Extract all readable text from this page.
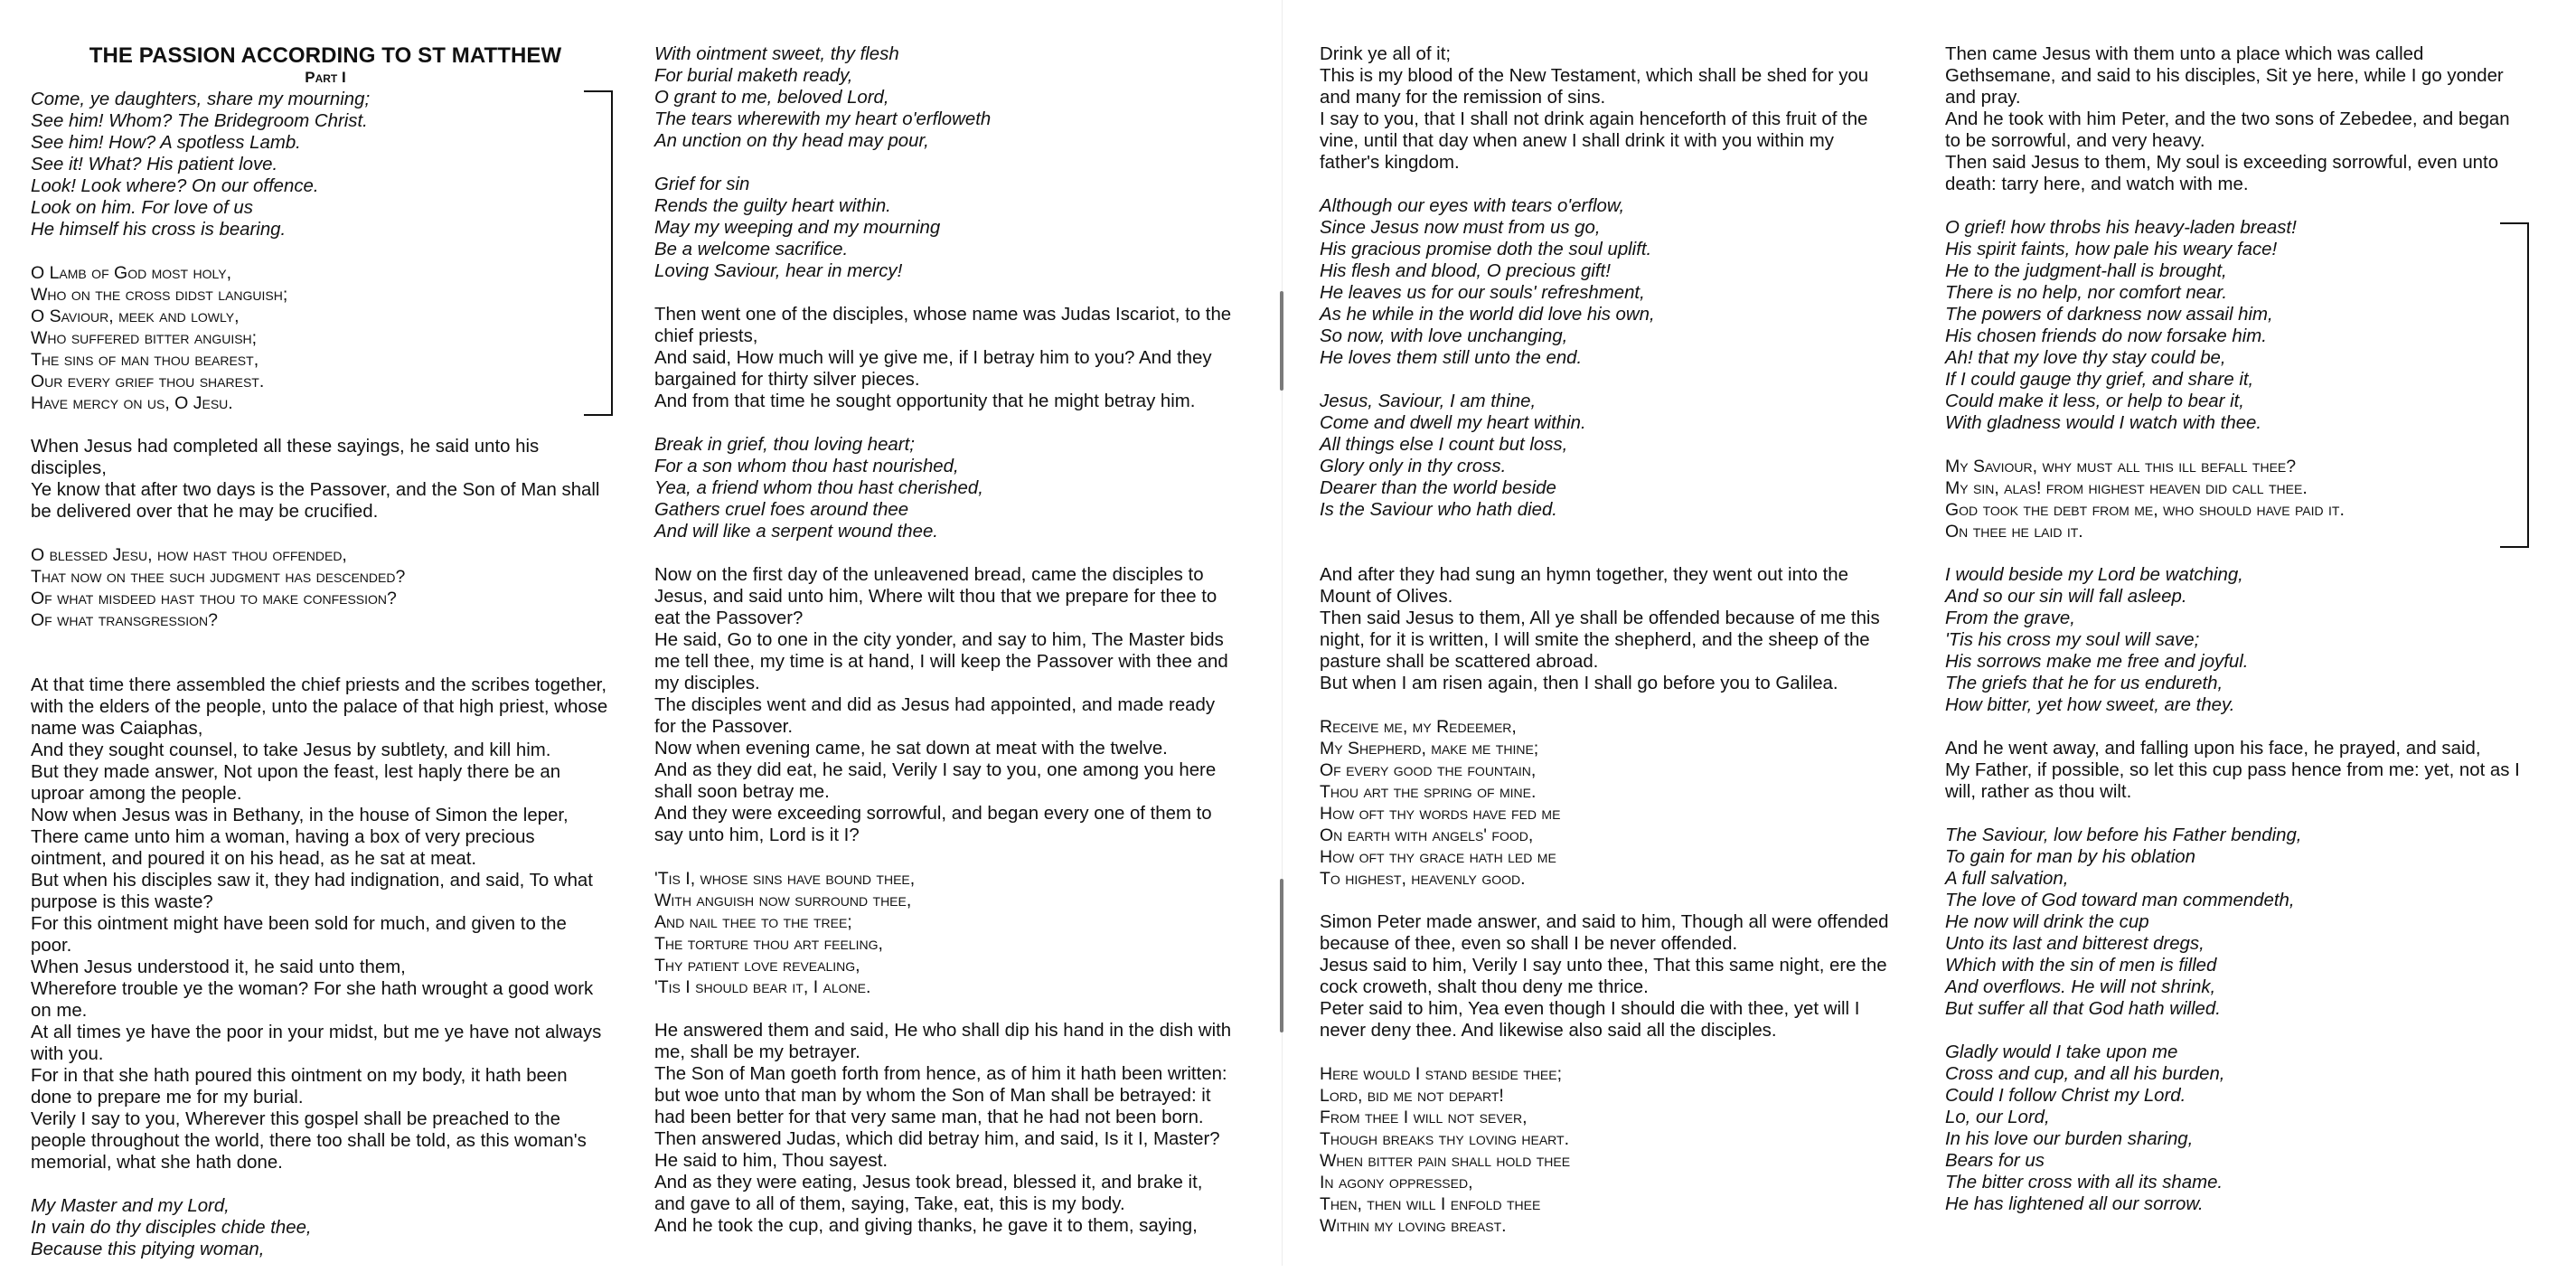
THE PASSION ACCORDING TO ST MATTHEW
Part I
Come, ye daughters, share my mourning;
See him! Whom? The Bridegroom Christ.
See him! How? A spotless Lamb.
See it! What? His patient love.
Look! Look where? On our offence.
Look on him. For love of us
He himself his cross is bearing.
O Lamb of God most holy,
Who on the cross didst languish;
O Saviour, meek and lowly,
Who suffered bitter anguish;
The sins of man thou bearest,
Our every grief thou sharest.
Have mercy on us, O Jesu.
When Jesus had completed all these sayings, he said unto his
disciples,
Ye know that after two days is the Passover, and the Son of Man shall
be delivered over that he may be crucified.
O blessed Jesu, how hast thou offended,
That now on thee such judgment has descended?
Of what misdeed hast thou to make confession?
Of what transgression?
At that time there assembled the chief priests and the scribes together,
with the elders of the people, unto the palace of that high priest, whose
name was Caiaphas,
And they sought counsel, to take Jesus by subtlety, and kill him.
But they made answer, Not upon the feast, lest haply there be an
uproar among the people.
Now when Jesus was in Bethany, in the house of Simon the leper,
There came unto him a woman, having a box of very precious
ointment, and poured it on his head, as he sat at meat.
But when his disciples saw it, they had indignation, and said, To what
purpose is this waste?
For this ointment might have been sold for much, and given to the
poor.
When Jesus understood it, he said unto them,
Wherefore trouble ye the woman? For she hath wrought a good work
on me.
At all times ye have the poor in your midst, but me ye have not always
with you.
For in that she hath poured this ointment on my body, it hath been
done to prepare me for my burial.
Verily I say to you, Wherever this gospel shall be preached to the
people throughout the world, there too shall be told, as this woman's
memorial, what she hath done.
My Master and my Lord,
In vain do thy disciples chide thee,
Because this pitying woman,
With ointment sweet, thy flesh
For burial maketh ready,
O grant to me, beloved Lord,
The tears wherewith my heart o'erfloweth
An unction on thy head may pour,
Grief for sin
Rends the guilty heart within.
May my weeping and my mourning
Be a welcome sacrifice.
Loving Saviour, hear in mercy!
Then went one of the disciples, whose name was Judas Iscariot, to the
chief priests,
And said, How much will ye give me, if I betray him to you? And they
bargained for thirty silver pieces.
And from that time he sought opportunity that he might betray him.
Break in grief, thou loving heart;
For a son whom thou hast nourished,
Yea, a friend whom thou hast cherished,
Gathers cruel foes around thee
And will like a serpent wound thee.
Now on the first day of the unleavened bread, came the disciples to
Jesus, and said unto him, Where wilt thou that we prepare for thee to
eat the Passover?
He said, Go to one in the city yonder, and say to him, The Master bids
me tell thee, my time is at hand, I will keep the Passover with thee and
my disciples.
The disciples went and did as Jesus had appointed, and made ready
for the Passover.
Now when evening came, he sat down at meat with the twelve.
And as they did eat, he said, Verily I say to you, one among you here
shall soon betray me.
And they were exceeding sorrowful, and began every one of them to
say unto him, Lord is it I?
'Tis I, whose sins have bound thee,
With anguish now surround thee,
And nail thee to the tree;
The torture thou art feeling,
Thy patient love revealing,
'Tis I should bear it, I alone.
He answered them and said, He who shall dip his hand in the dish with
me, shall be my betrayer.
The Son of Man goeth forth from hence, as of him it hath been written:
but woe unto that man by whom the Son of Man shall be betrayed: it
had been better for that very same man, that he had not been born.
Then answered Judas, which did betray him, and said, Is it I, Master?
He said to him, Thou sayest.
And as they were eating, Jesus took bread, blessed it, and brake it,
and gave to all of them, saying, Take, eat, this is my body.
And he took the cup, and giving thanks, he gave it to them, saying,
Drink ye all of it;
This is my blood of the New Testament, which shall be shed for you
and many for the remission of sins.
I say to you, that I shall not drink again henceforth of this fruit of the
vine, until that day when anew I shall drink it with you within my
father's kingdom.
Although our eyes with tears o'erflow,
Since Jesus now must from us go,
His gracious promise doth the soul uplift.
His flesh and blood, O precious gift!
He leaves us for our souls' refreshment,
As he while in the world did love his own,
So now, with love unchanging,
He loves them still unto the end.
Jesus, Saviour, I am thine,
Come and dwell my heart within.
All things else I count but loss,
Glory only in thy cross.
Dearer than the world beside
Is the Saviour who hath died.
And after they had sung an hymn together, they went out into the
Mount of Olives.
Then said Jesus to them, All ye shall be offended because of me this
night, for it is written, I will smite the shepherd, and the sheep of the
pasture shall be scattered abroad.
But when I am risen again, then I shall go before you to Galilea.
Receive me, my Redeemer,
My Shepherd, make me thine;
Of every good the fountain,
Thou art the spring of mine.
How oft thy words have fed me
On earth with angels' food,
How oft thy grace hath led me
To highest, heavenly good.
Simon Peter made answer, and said to him, Though all were offended
because of thee, even so shall I be never offended.
Jesus said to him, Verily I say unto thee, That this same night, ere the
cock croweth, shalt thou deny me thrice.
Peter said to him, Yea even though I should die with thee, yet will I
never deny thee. And likewise also said all the disciples.
Here would I stand beside thee;
Lord, bid me not depart!
From thee I will not sever,
Though breaks thy loving heart.
When bitter pain shall hold thee
In agony oppressed,
Then, then will I enfold thee
Within my loving breast.
Then came Jesus with them unto a place which was called
Gethsemane, and said to his disciples, Sit ye here, while I go yonder
and pray.
And he took with him Peter, and the two sons of Zebedee, and began
to be sorrowful, and very heavy.
Then said Jesus to them, My soul is exceeding sorrowful, even unto
death: tarry here, and watch with me.
O grief! how throbs his heavy-laden breast!
His spirit faints, how pale his weary face!
He to the judgment-hall is brought,
There is no help, nor comfort near.
The powers of darkness now assail him,
His chosen friends do now forsake him.
Ah! that my love thy stay could be,
If I could gauge thy grief, and share it,
Could make it less, or help to bear it,
With gladness would I watch with thee.
My Saviour, why must all this ill befall thee?
My sin, alas! from highest heaven did call thee.
God took the debt from me, who should have paid it.
On thee he laid it.
I would beside my Lord be watching,
And so our sin will fall asleep.
From the grave,
'Tis his cross my soul will save;
His sorrows make me free and joyful.
The griefs that he for us endureth,
How bitter, yet how sweet, are they.
And he went away, and falling upon his face, he prayed, and said,
My Father, if possible, so let this cup pass hence from me: yet, not as I
will, rather as thou wilt.
The Saviour, low before his Father bending,
To gain for man by his oblation
A full salvation,
The love of God toward man commendeth,
He now will drink the cup
Unto its last and bitterest dregs,
Which with the sin of men is filled
And overflows. He will not shrink,
But suffer all that God hath willed.
Gladly would I take upon me
Cross and cup, and all his burden,
Could I follow Christ my Lord.
Lo, our Lord,
In his love our burden sharing,
Bears for us
The bitter cross with all its shame.
He has lightened all our sorrow.
